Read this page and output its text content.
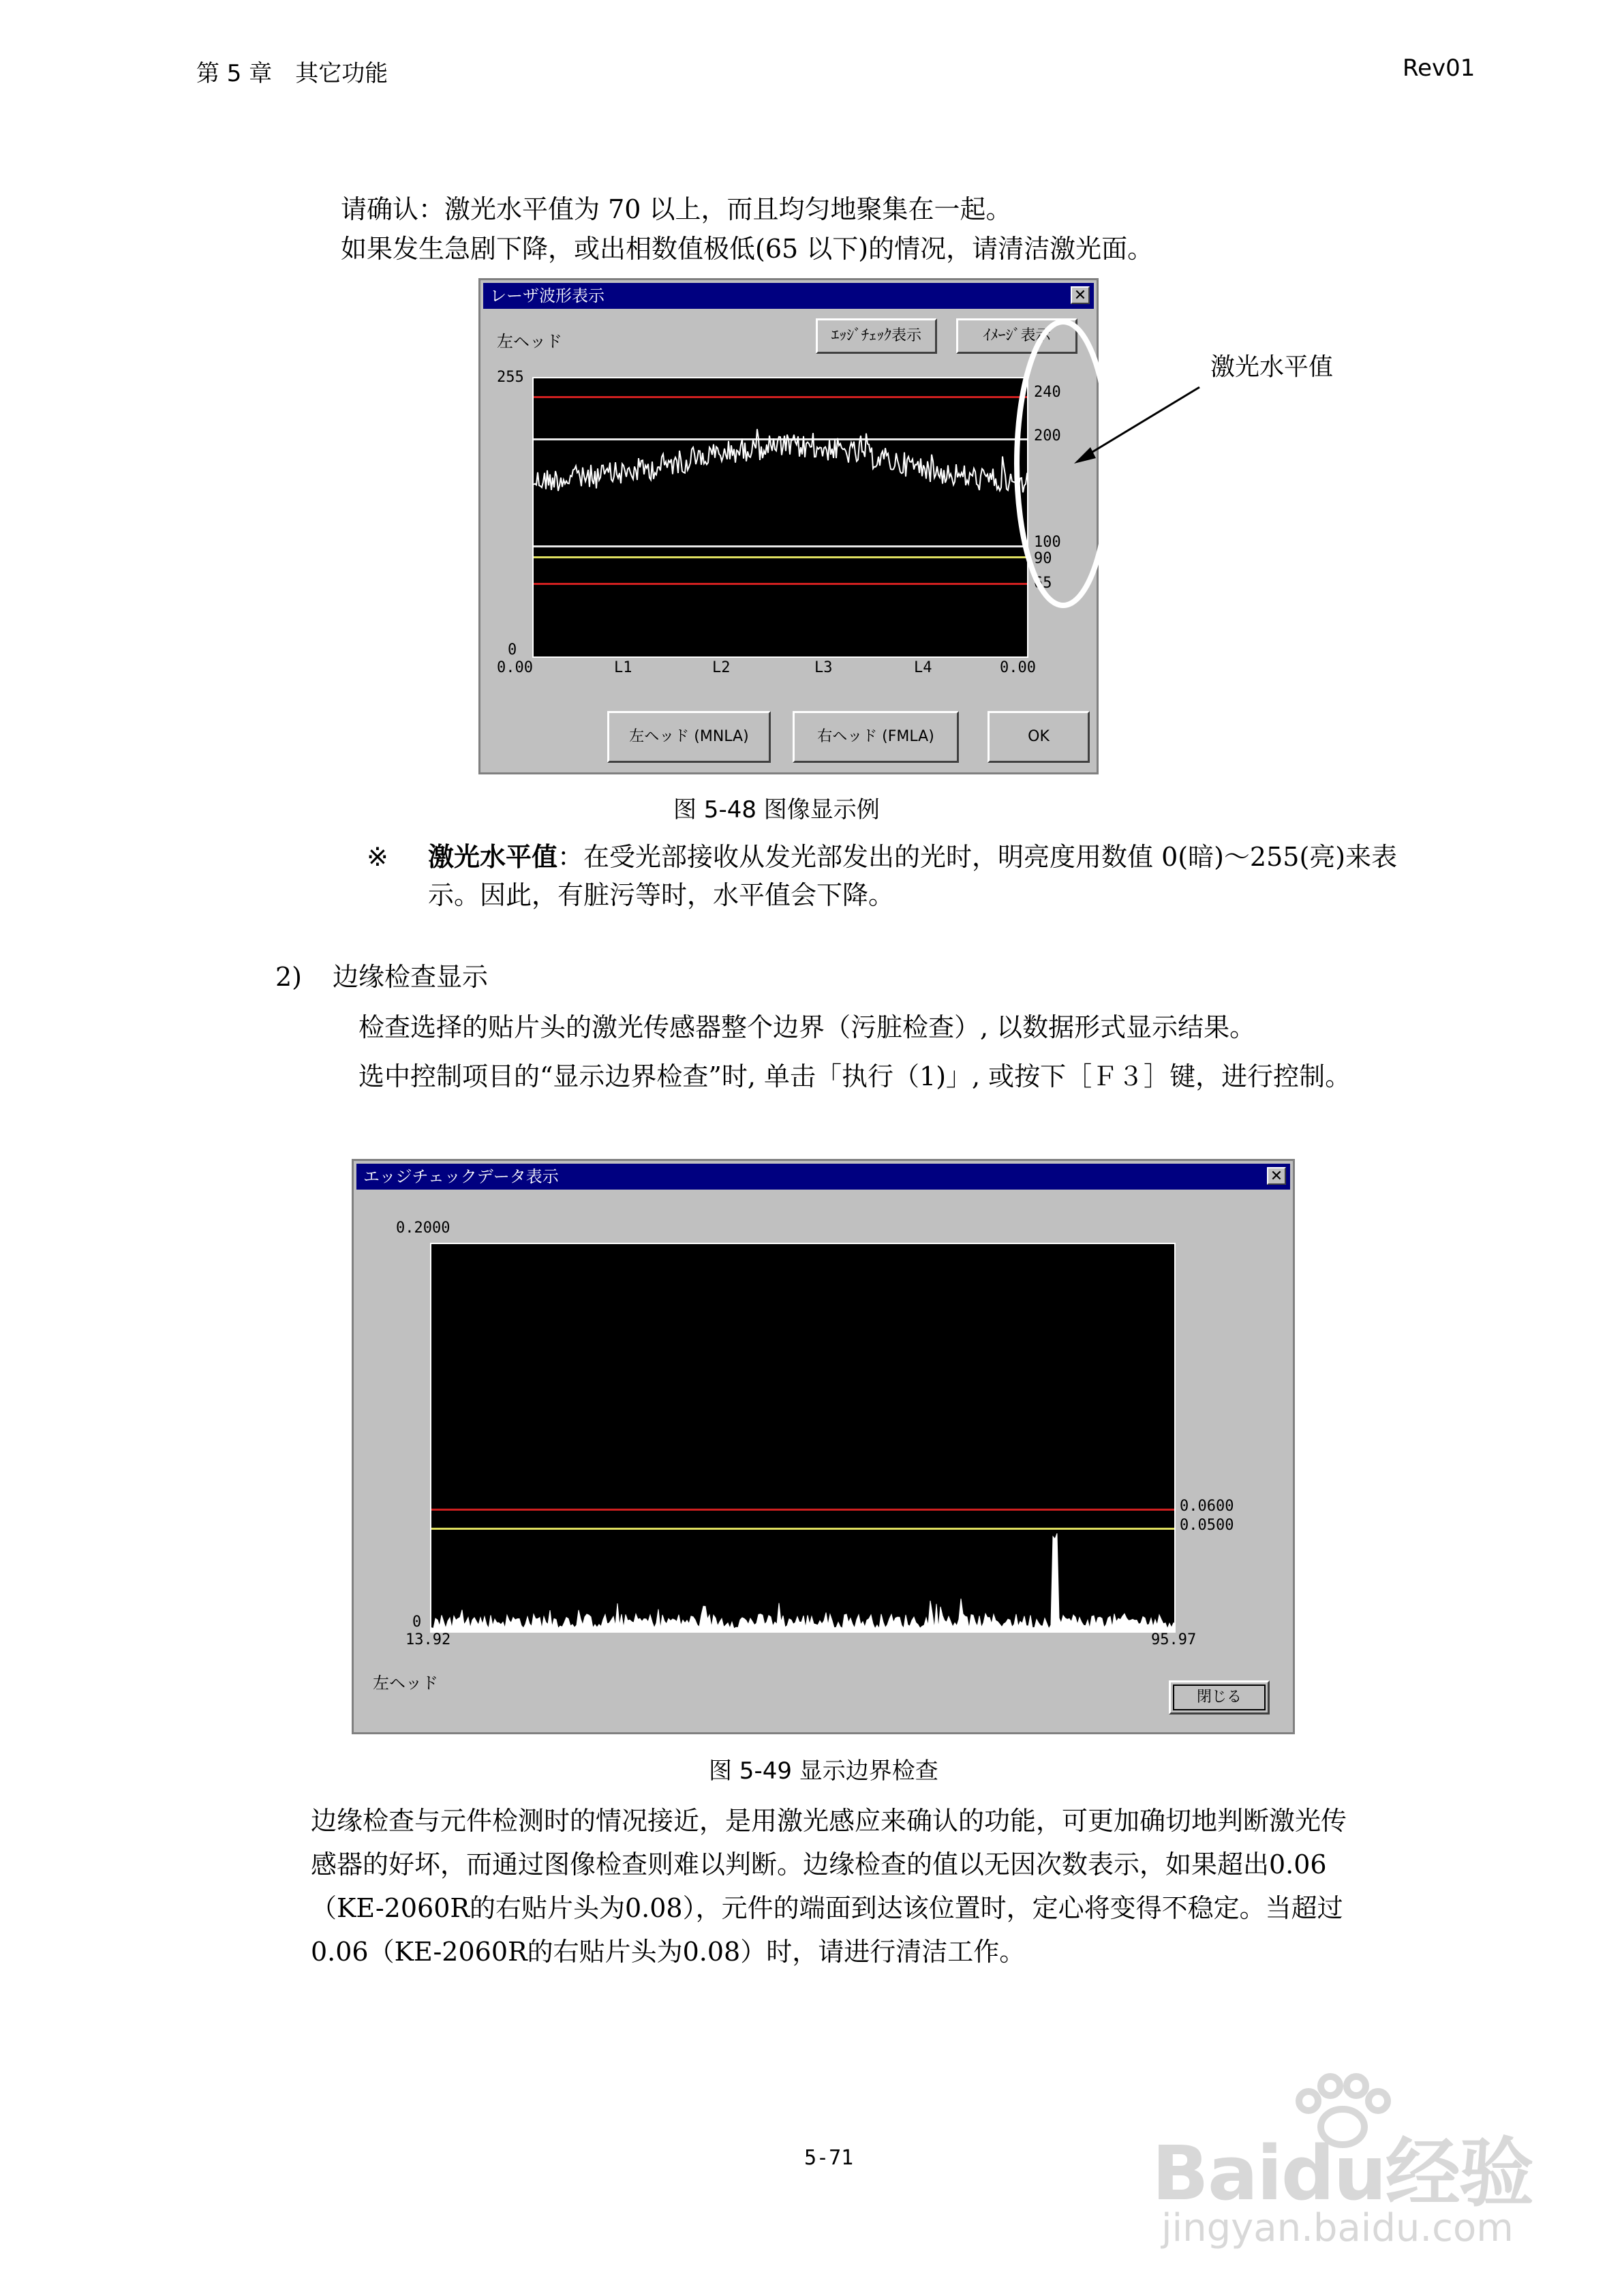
第 5 章　其它功能	Rev01
请确认：激光水平值为 70 以上，而且均匀地聚集在一起。
如果发生急剧下降，或出相数值极低(65 以下)的情况，请清洁激光面。
レーザ波形表示	✕
左ヘッド	ｴｯｼﾞﾁｪｯｸ表示	ｲﾒｰｼﾞ表示
255
0
240
200
100
90
65
0.00	L1	L2	L3	L4	0.00
左ヘッド (MNLA)	右ヘッド (FMLA)	OK
激光水平值
图 5-48 图像显示例
※ 激光水平值：在受光部接收从发光部发出的光时，明亮度用数值 0(暗)～255(亮)来表
示。因此，有脏污等时，水平值会下降。
2) 边缘检查显示
检查选择的贴片头的激光传感器整个边界（污脏检查）, 以数据形式显示结果。
选中控制项目的“显示边界检查”时, 单击「执行（1)」, 或按下［Ｆ３］键，进行控制。
エッジチェックデータ表示	✕
0.2000
0
0.0600
0.0500
13.92	95.97
左ヘッド
閉じる
图 5-49 显示边界检查
边缘检查与元件检测时的情况接近，是用激光感应来确认的功能，可更加确切地判断激光传
感器的好坏，而通过图像检查则难以判断。边缘检查的值以无因次数表示，如果超出0.06
（KE-2060R的右贴片头为0.08），元件的端面到达该位置时，定心将变得不稳定。当超过
0.06（KE-2060R的右贴片头为0.08）时，请进行清洁工作。
5-71	Baidu经验
jingyan.baidu.com
